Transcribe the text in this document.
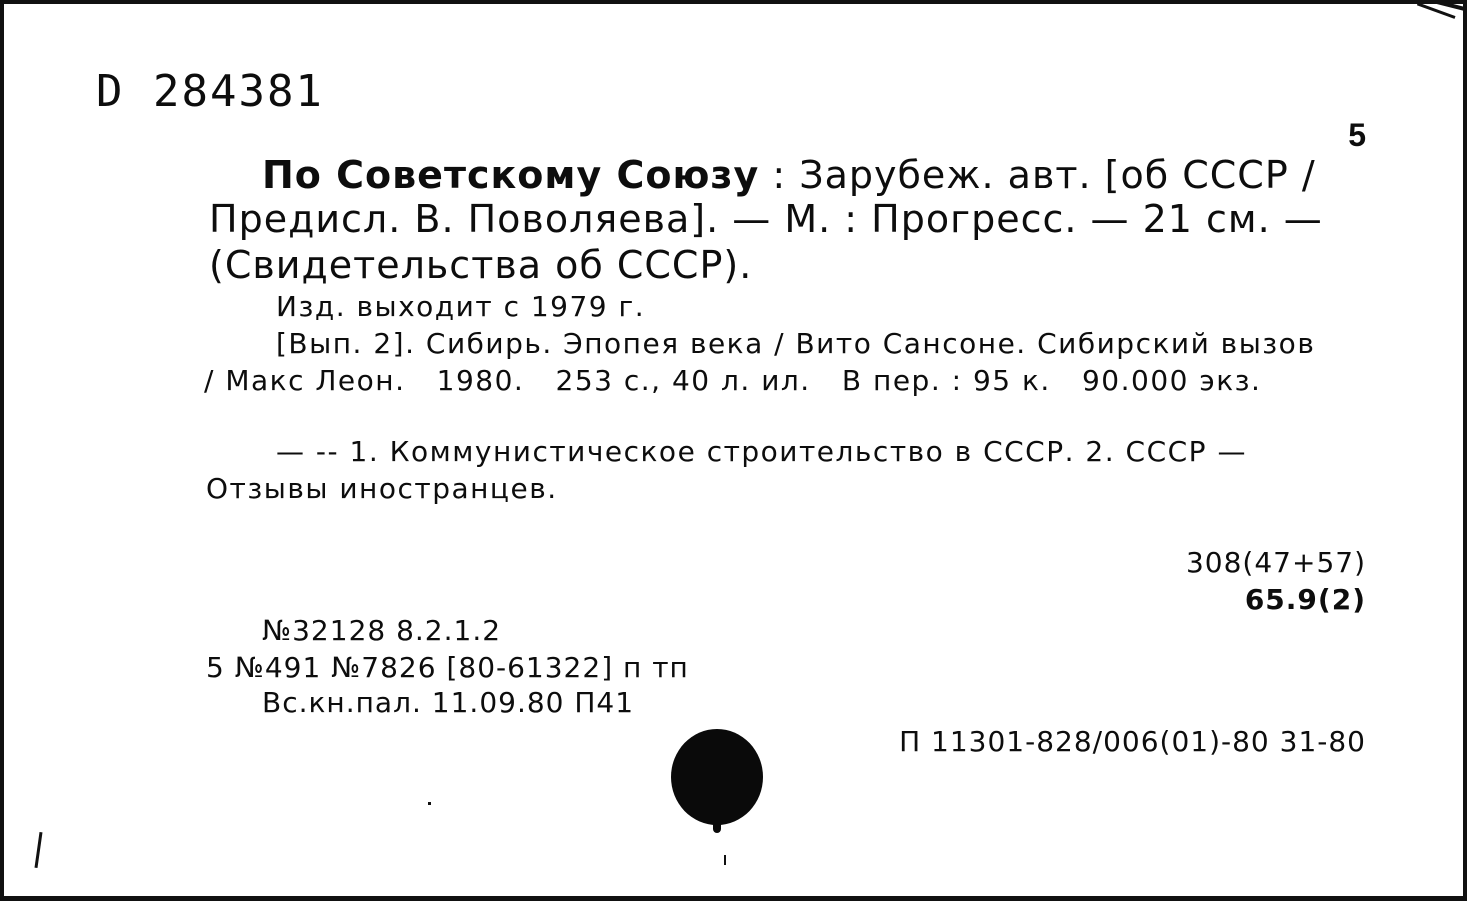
D 284381
5
По Советскому Союзу : Зарубеж. авт. [об СССР /
Предисл. В. Поволяева]. — М. : Прогресс. — 21 см. —
(Свидетельства об СССР).
Изд. выходит с 1979 г.
[Вып. 2]. Сибирь. Эпопея века / Вито Сансоне. Сибирский вызов
/ Макс Леон.   1980.   253 с., 40 л. ил.   В пер. : 95 к.   90.000 экз.
— -- 1. Коммунистическое строительство в СССР. 2. СССР —
Отзывы иностранцев.
308(47+57)
65.9(2)
№32128 8.2.1.2
5 №491 №7826 [80-61322] п тп
Вс.кн.пал. 11.09.80 П41
П 11301-828/006(01)-80 31-80
